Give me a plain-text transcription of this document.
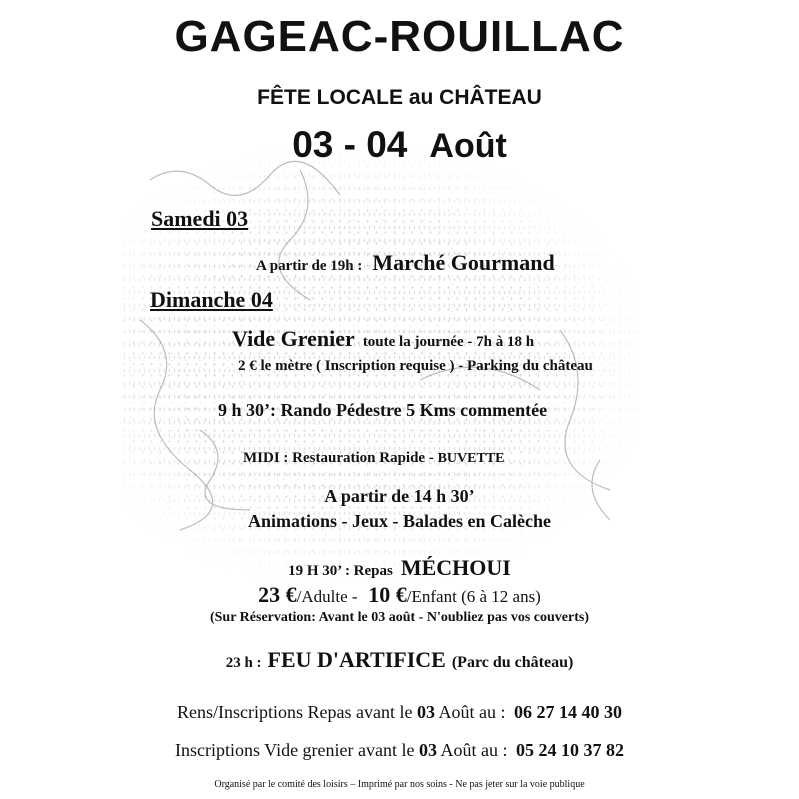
GAGEAC-ROUILLAC
FÊTE LOCALE au CHÂTEAU
03 - 04 Août
Samedi 03
A partir de 19h : Marché Gourmand
Dimanche 04
Vide Grenier toute la journée - 7h à 18 h
2 € le mètre ( Inscription requise ) - Parking du château
9 h 30’: Rando Pédestre 5 Kms commentée
MIDI : Restauration Rapide - BUVETTE
A partir de 14 h 30’
Animations - Jeux - Balades en Calèche
19 H 30’ : Repas MÉCHOUI
23 €/Adulte - 10 €/Enfant (6 à 12 ans)
(Sur Réservation: Avant le 03 août - N'oubliez pas vos couverts)
23 h : FEU D'ARTIFICE (Parc du château)
Rens/Inscriptions Repas avant le 03 Août au : 06 27 14 40 30
Inscriptions Vide grenier avant le 03 Août au : 05 24 10 37 82
Organisé par le comité des loisirs – Imprimé par nos soins - Ne pas jeter sur la voie publique
